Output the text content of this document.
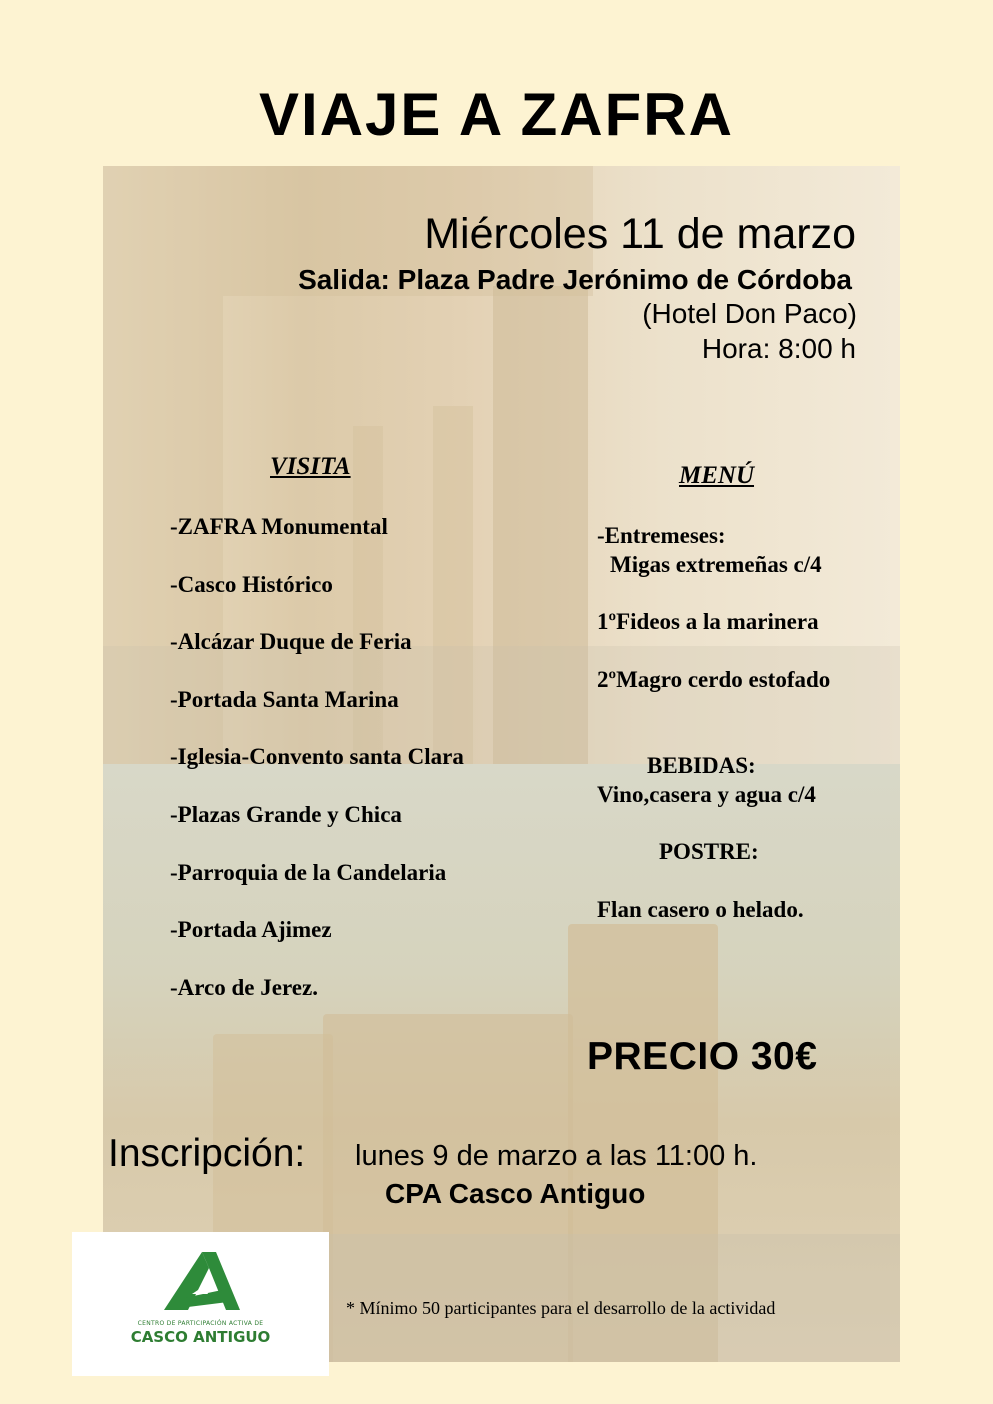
VIAJE A ZAFRA
Miércoles 11 de marzo
Salida: Plaza Padre Jerónimo de Córdoba
(Hotel Don Paco)
Hora: 8:00 h
VISITA
-ZAFRA Monumental
-Casco Histórico
-Alcázar Duque de Feria
-Portada Santa Marina
-Iglesia-Convento santa Clara
-Plazas Grande y Chica
-Parroquia de la Candelaria
-Portada Ajimez
-Arco de Jerez.
MENÚ
-Entremeses:
Migas extremeñas c/4
1ºFideos a la marinera
2ºMagro cerdo estofado
BEBIDAS:
Vino,casera y agua c/4
POSTRE:
Flan casero o helado.
PRECIO 30€
Inscripción: lunes 9 de marzo a las 11:00 h.
CPA Casco Antiguo
CENTRO DE PARTICIPACIÓN ACTIVA DE
CASCO ANTIGUO
* Mínimo 50 participantes para el desarrollo de la actividad
